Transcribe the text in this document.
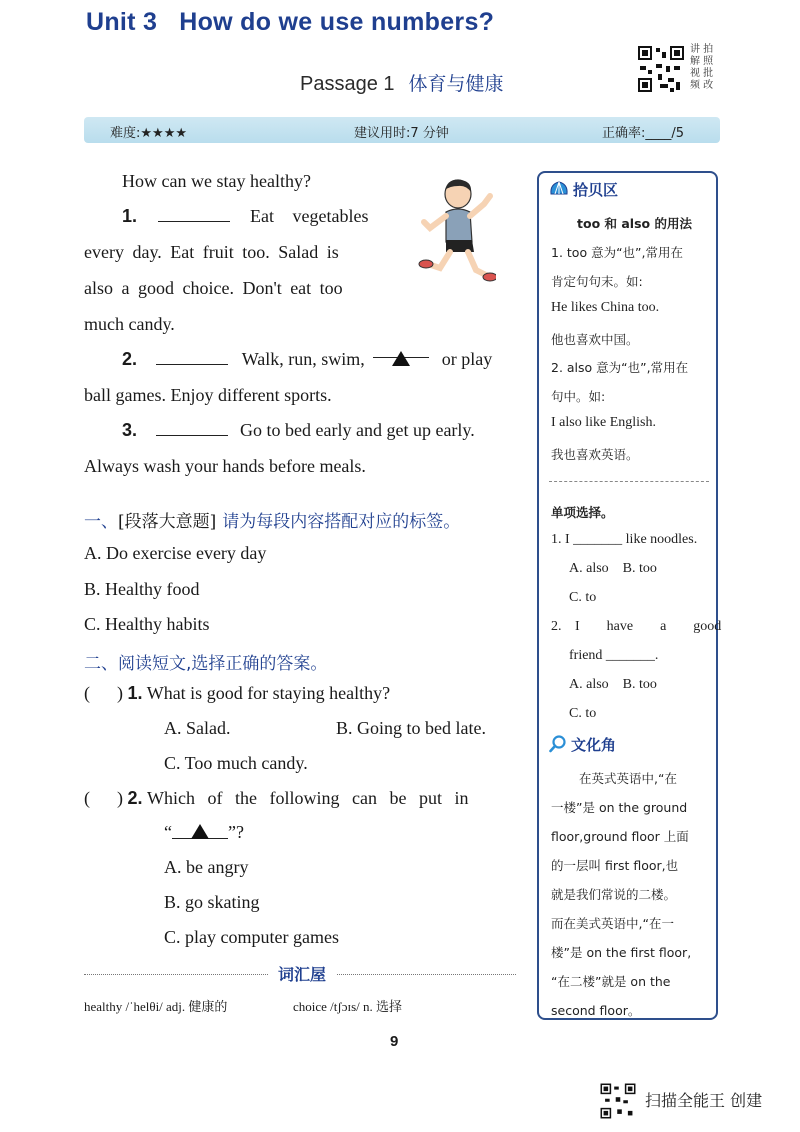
Unit 3 How do we use numbers?
讲 拍 解 照 视 批 频 改
Passage 1 体育与健康
难度:★★★★	建议用时:7 分钟	正确率:____/5
How can we stay healthy?
1.	Eat vegetables
every day. Eat fruit too. Salad is
also a good choice. Don't eat too
much candy.
2.	Walk, run, swim,	or play
ball games. Enjoy different sports.
3.	Go to bed early and get up early.
Always wash your hands before meals.
一、[段落大意题] 请为每段内容搭配对应的标签。
A. Do exercise every day
B. Healthy food
C. Healthy habits
二、阅读短文,选择正确的答案。
(      ) 1. What is good for staying healthy?
A. Salad.	B. Going to bed late.
C. Too much candy.
(      ) 2. Which of the following can be put in
“	”?
A. be angry
B. go skating
C. play computer games
词汇屋
healthy /ˈhelθi/ adj. 健康的	choice /tʃɔɪs/ n. 选择
拾贝区
too 和 also 的用法
1. too 意为“也”,常用在
肯定句句末。如:
He likes China too.
他也喜欢中国。
2. also 意为“也”,常用在
句中。如:
I also like English.
我也喜欢英语。
单项选择。
1. I _______ like noodles.
A. also    B. too
C. to
2. I  have  a  good
friend _______.
A. also    B. too
C. to
文化角
在英式英语中,“在
一楼”是 on the ground
floor,ground floor 上面
的一层叫 first floor,也
就是我们常说的二楼。
而在美式英语中,“在一
楼”是 on the first floor,
“在二楼”就是 on the
second floor。
9
扫描全能王 创建
